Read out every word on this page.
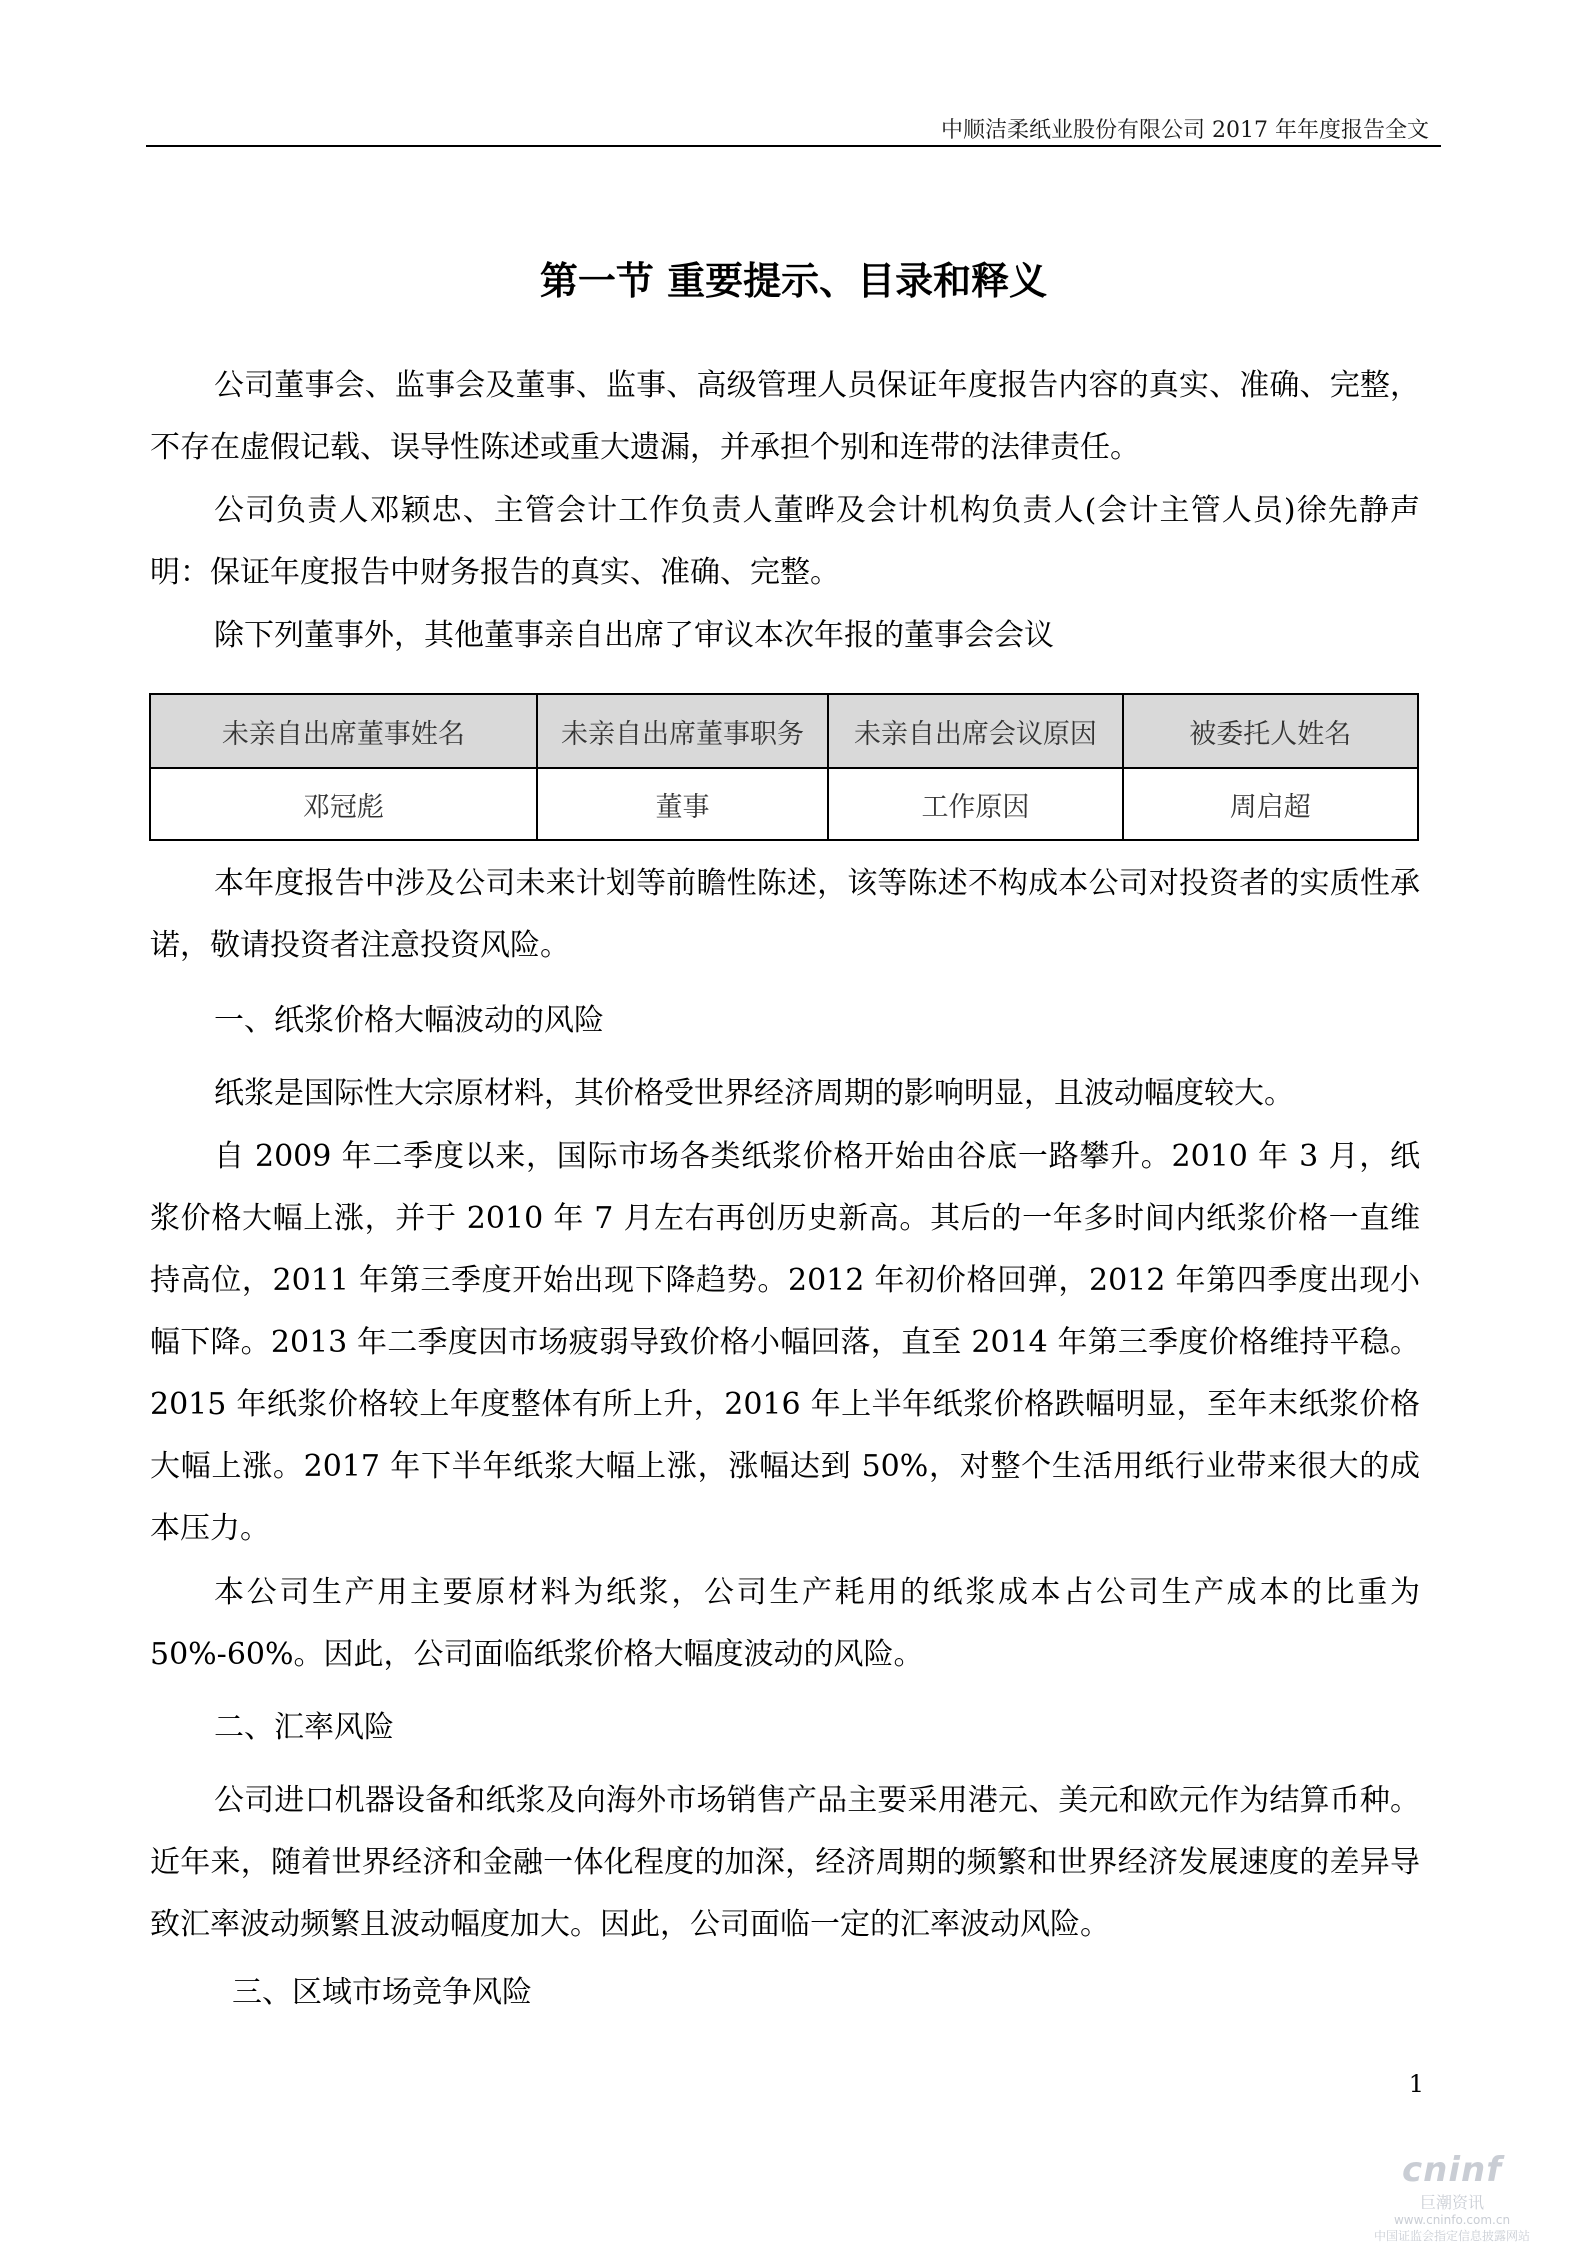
中顺洁柔纸业股份有限公司 2017 年年度报告全文
第一节 重要提示、目录和释义

公司董事会、监事会及董事、监事、高级管理人员保证年度报告内容的真实、准确、完整，不存在虚假记载、误导性陈述或重大遗漏，并承担个别和连带的法律责任。

公司负责人邓颖忠、主管会计工作负责人董晔及会计机构负责人(会计主管人员)徐先静声明：保证年度报告中财务报告的真实、准确、完整。

除下列董事外，其他董事亲自出席了审议本次年报的董事会会议

未亲自出席董事姓名	未亲自出席董事职务	未亲自出席会议原因	被委托人姓名
邓冠彪	董事	工作原因	周启超

本年度报告中涉及公司未来计划等前瞻性陈述，该等陈述不构成本公司对投资者的实质性承诺，敬请投资者注意投资风险。

一、纸浆价格大幅波动的风险

纸浆是国际性大宗原材料，其价格受世界经济周期的影响明显，且波动幅度较大。

自 2009 年二季度以来，国际市场各类纸浆价格开始由谷底一路攀升。2010 年 3 月，纸浆价格大幅上涨，并于 2010 年 7 月左右再创历史新高。其后的一年多时间内纸浆价格一直维持高位，2011 年第三季度开始出现下降趋势。2012 年初价格回弹，2012 年第四季度出现小幅下降。2013 年二季度因市场疲弱导致价格小幅回落，直至 2014 年第三季度价格维持平稳。2015 年纸浆价格较上年度整体有所上升，2016 年上半年纸浆价格跌幅明显，至年末纸浆价格大幅上涨。2017 年下半年纸浆大幅上涨，涨幅达到 50%，对整个生活用纸行业带来很大的成本压力。

本公司生产用主要原材料为纸浆，公司生产耗用的纸浆成本占公司生产成本的比重为50%-60%。因此，公司面临纸浆价格大幅度波动的风险。

二、汇率风险

公司进口机器设备和纸浆及向海外市场销售产品主要采用港元、美元和欧元作为结算币种。近年来，随着世界经济和金融一体化程度的加深，经济周期的频繁和世界经济发展速度的差异导致汇率波动频繁且波动幅度加大。因此，公司面临一定的汇率波动风险。

三、区域市场竞争风险
1
cninf
巨潮资讯
www.cninfo.com.cn
中国证监会指定信息披露网站
